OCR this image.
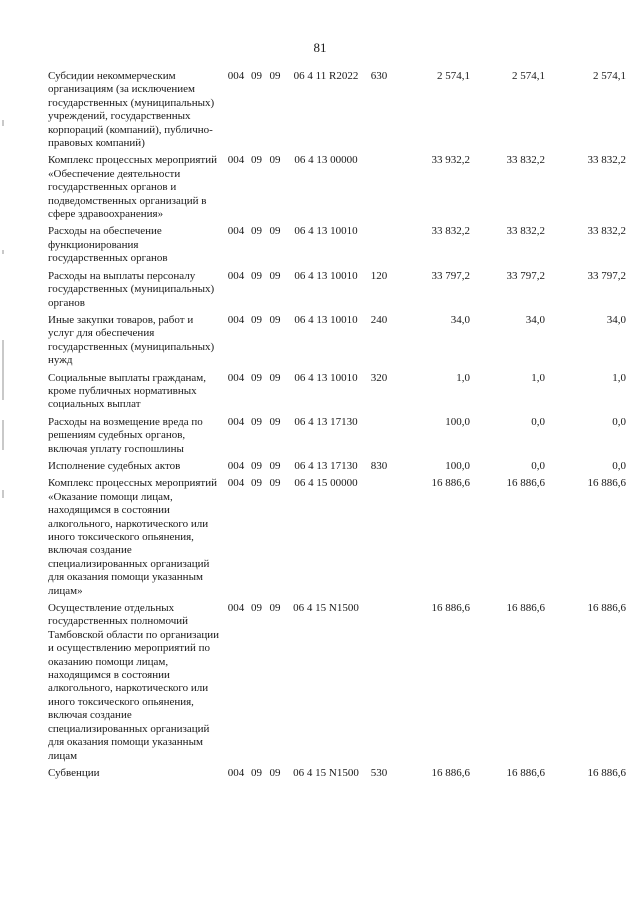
81
Субсидии некоммерческим организациям (за исключением государственных (муниципальных) учреждений, государственных корпораций (компаний), публично-правовых компаний)	004	09	09	06 4 11 R2022	630	2 574,1	2 574,1	2 574,1
Комплекс процессных мероприятий «Обеспечение деятельности государственных органов и подведомственных организаций в сфере здравоохранения»	004	09	09	06 4 13 00000		33 932,2	33 832,2	33 832,2
Расходы на обеспечение функционирования государственных органов	004	09	09	06 4 13 10010		33 832,2	33 832,2	33 832,2
Расходы на выплаты персоналу государственных (муниципальных) органов	004	09	09	06 4 13 10010	120	33 797,2	33 797,2	33 797,2
Иные закупки товаров, работ и услуг для обеспечения государственных (муниципальных) нужд	004	09	09	06 4 13 10010	240	34,0	34,0	34,0
Социальные выплаты гражданам, кроме публичных нормативных социальных выплат	004	09	09	06 4 13 10010	320	1,0	1,0	1,0
Расходы на возмещение вреда по решениям судебных органов, включая уплату госпошлины	004	09	09	06 4 13 17130		100,0	0,0	0,0
Исполнение судебных актов	004	09	09	06 4 13 17130	830	100,0	0,0	0,0
Комплекс процессных мероприятий «Оказание помощи лицам, находящимся в состоянии алкогольного, наркотического или иного токсического опьянения, включая создание специализированных организаций для оказания помощи указанным лицам»	004	09	09	06 4 15 00000		16 886,6	16 886,6	16 886,6
Осуществление отдельных государственных полномочий Тамбовской области по организации и осуществлению мероприятий по оказанию помощи лицам, находящимся в состоянии алкогольного, наркотического или иного токсического опьянения, включая создание специализированных организаций для оказания помощи указанным лицам	004	09	09	06 4 15 N1500		16 886,6	16 886,6	16 886,6
Субвенции	004	09	09	06 4 15 N1500	530	16 886,6	16 886,6	16 886,6
